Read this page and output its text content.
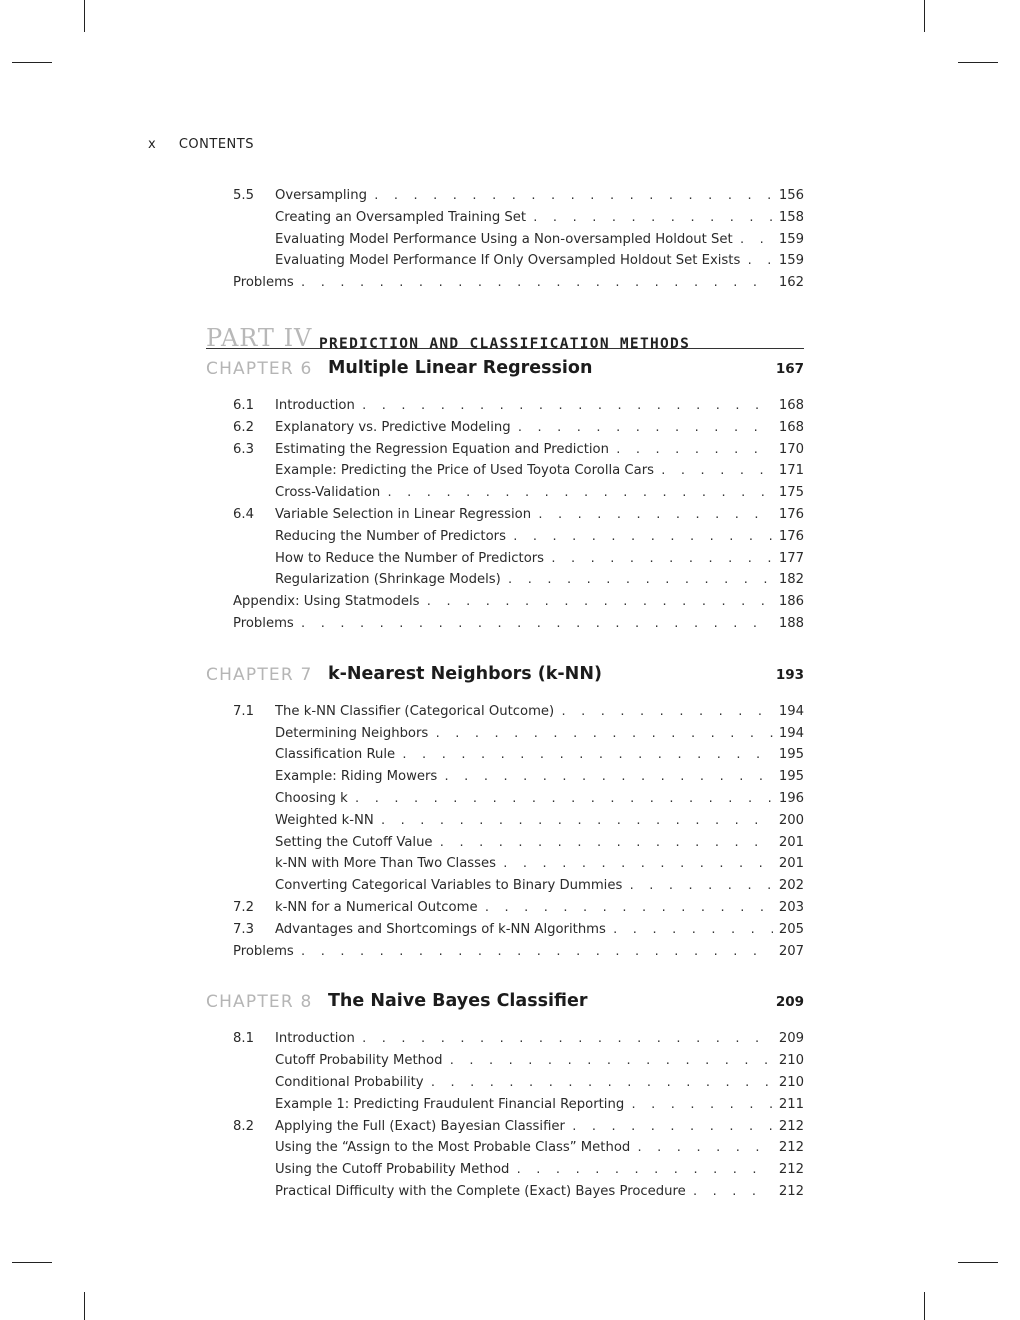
x CONTENTS
5.5 Oversampling . . .	156
Creating an Oversampled Training Set . . .	158
Evaluating Model Performance Using a Non-oversampled Holdout Set . . .	159
Evaluating Model Performance If Only Oversampled Holdout Set Exists . . .	159
Problems . . .	162
PART IV PREDICTION AND CLASSIFICATION METHODS
CHAPTER 6 Multiple Linear Regression	167
6.1 Introduction . . .	168
6.2 Explanatory vs. Predictive Modeling . . .	168
6.3 Estimating the Regression Equation and Prediction . . .	170
Example: Predicting the Price of Used Toyota Corolla Cars . . .	171
Cross-Validation . . .	175
6.4 Variable Selection in Linear Regression . . .	176
Reducing the Number of Predictors . . .	176
How to Reduce the Number of Predictors . . .	177
Regularization (Shrinkage Models) . . .	182
Appendix: Using Statmodels . . .	186
Problems . . .	188
CHAPTER 7 k-Nearest Neighbors (k-NN)	193
7.1 The k-NN Classifier (Categorical Outcome) . . .	194
Determining Neighbors . . .	194
Classification Rule . . .	195
Example: Riding Mowers . . .	195
Choosing k . . .	196
Weighted k-NN . . .	200
Setting the Cutoff Value . . .	201
k-NN with More Than Two Classes . . .	201
Converting Categorical Variables to Binary Dummies . . .	202
7.2 k-NN for a Numerical Outcome . . .	203
7.3 Advantages and Shortcomings of k-NN Algorithms . . .	205
Problems . . .	207
CHAPTER 8 The Naive Bayes Classifier	209
8.1 Introduction . . .	209
Cutoff Probability Method . . .	210
Conditional Probability . . .	210
Example 1: Predicting Fraudulent Financial Reporting . . .	211
8.2 Applying the Full (Exact) Bayesian Classifier . . .	212
Using the “Assign to the Most Probable Class” Method . . .	212
Using the Cutoff Probability Method . . .	212
Practical Difficulty with the Complete (Exact) Bayes Procedure . . .	212
